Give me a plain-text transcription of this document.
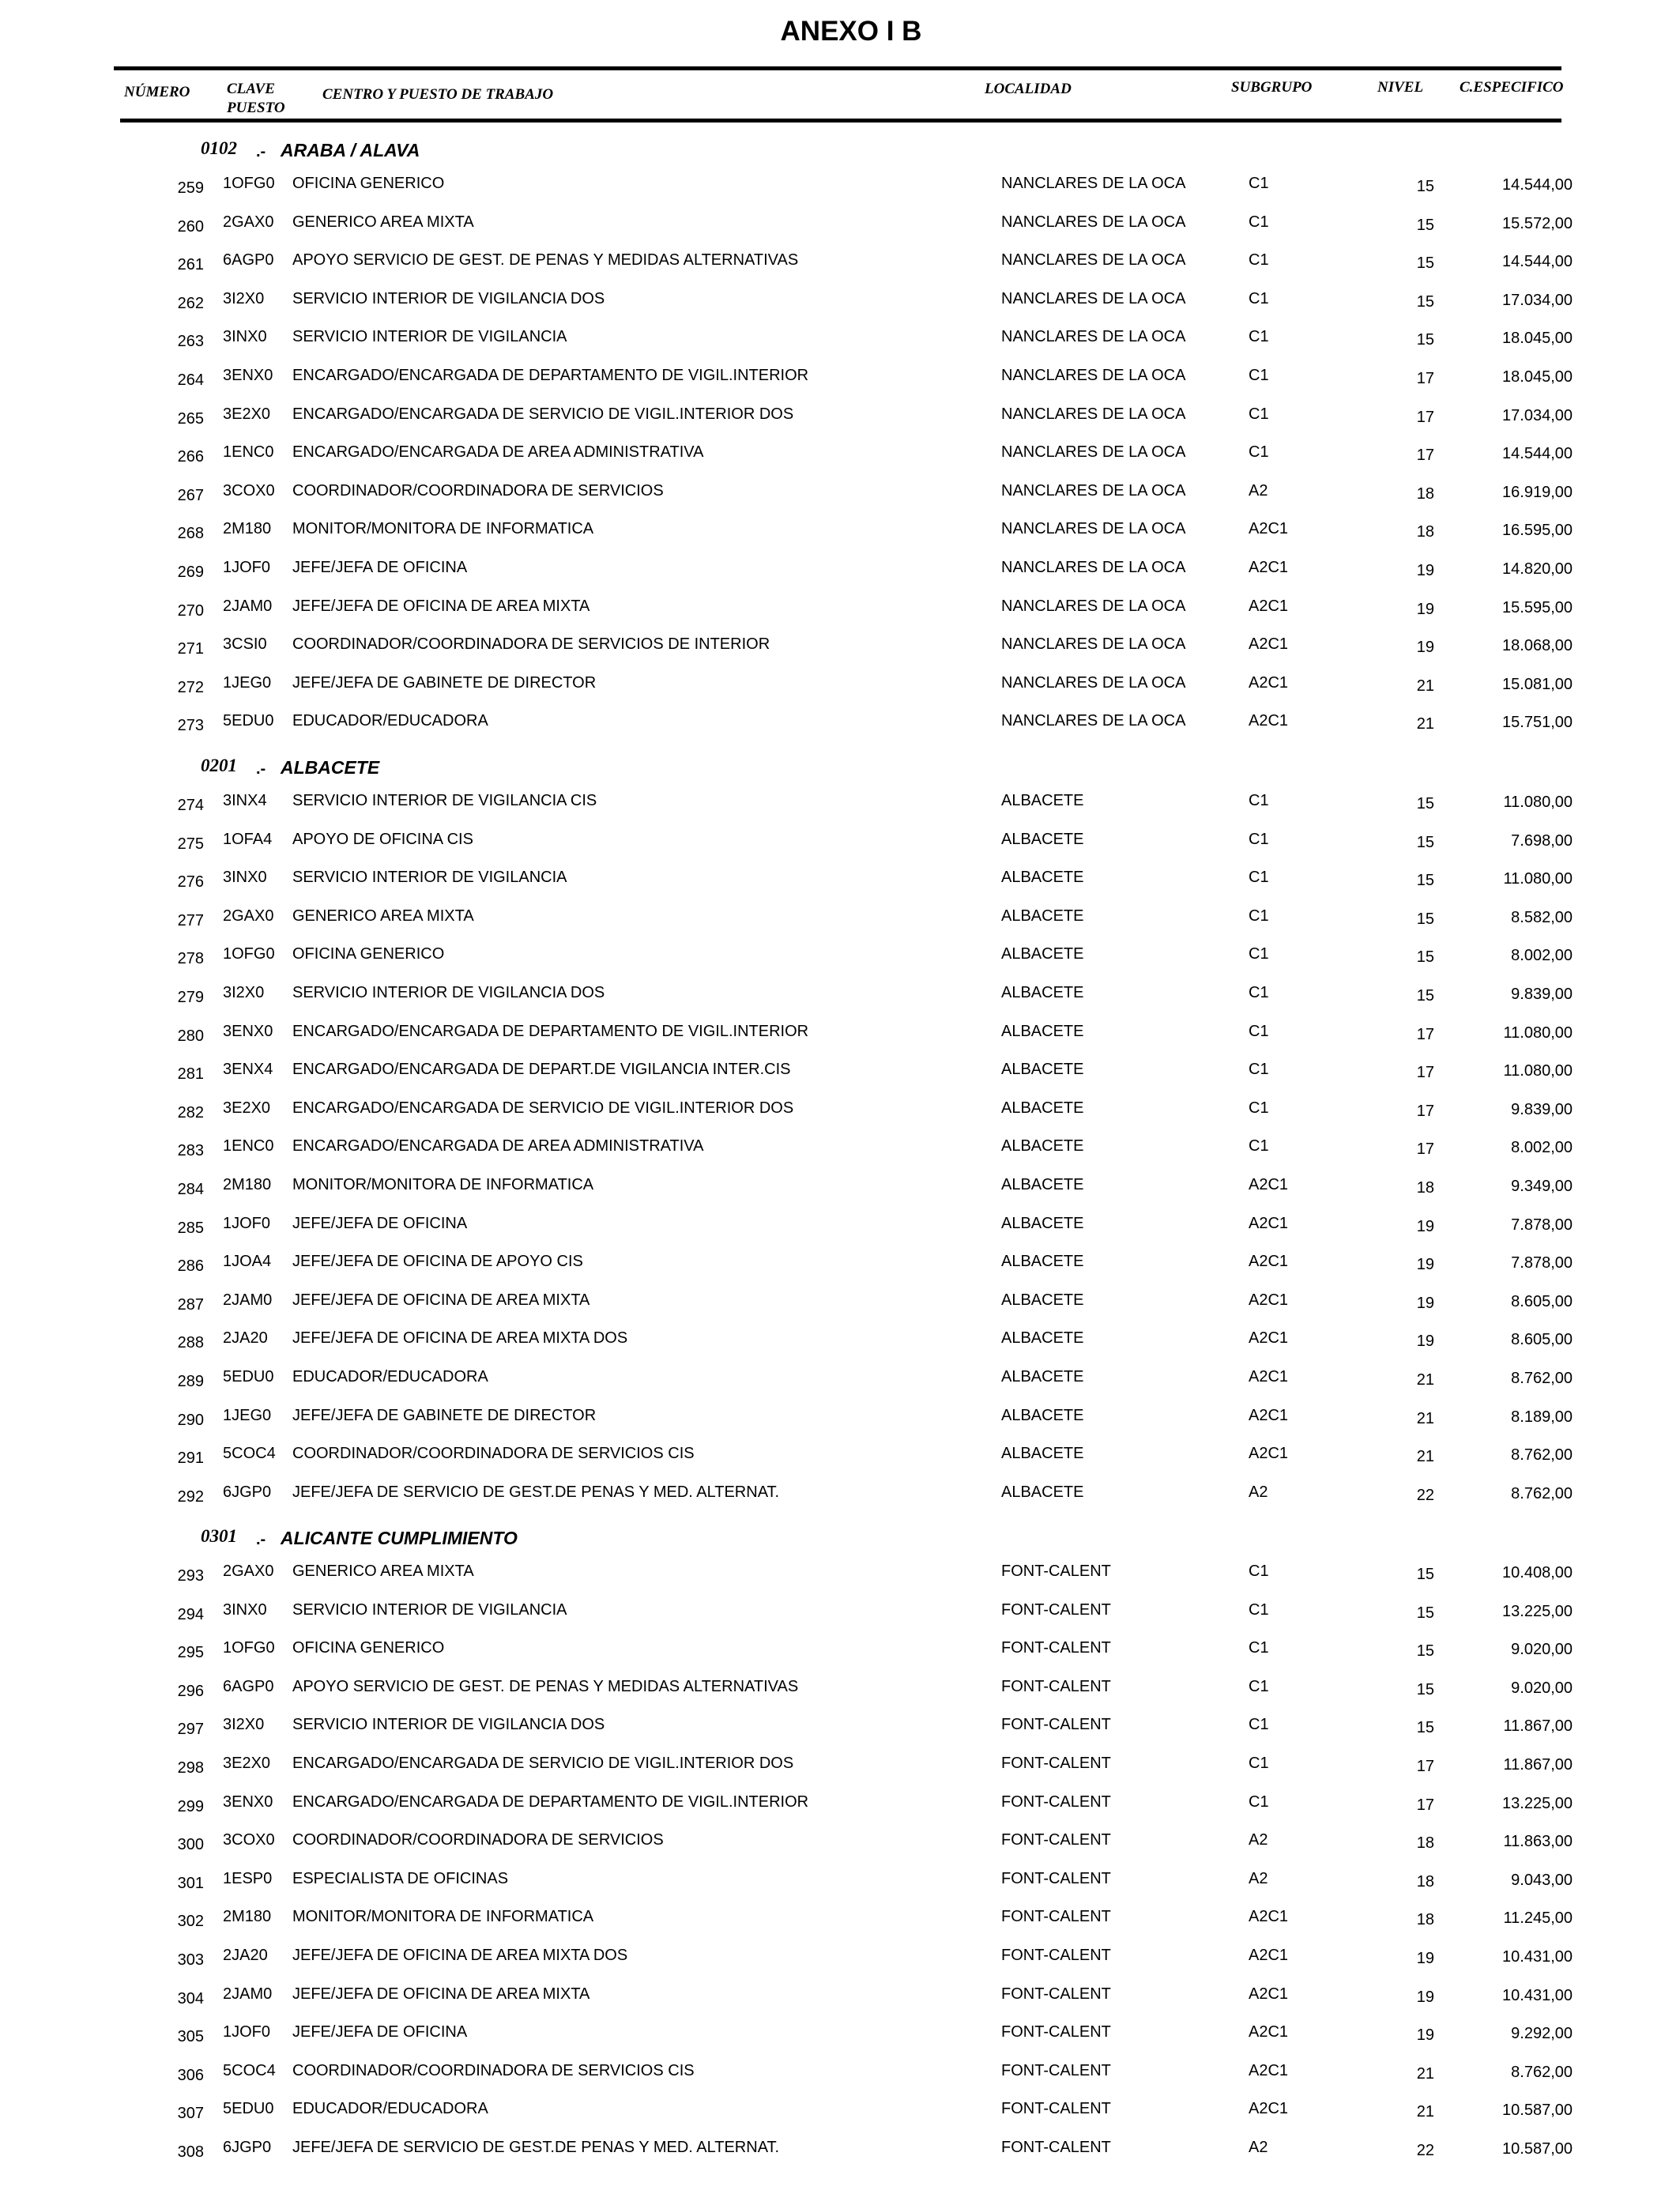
ANEXO I B
NÚMERO CLAVE
PUESTO
CENTRO Y PUESTO DE TRABAJO	LOCALIDAD	SUBGRUPO	NIVEL C.ESPECIFICO
0102 .- ARABA / ALAVA
259 1OFG0 OFICINA GENERICO	NANCLARES DE LA OCA	C1	15	14.544,00
260 2GAX0 GENERICO AREA MIXTA	NANCLARES DE LA OCA	C1	15	15.572,00
261 6AGP0 APOYO SERVICIO DE GEST. DE PENAS Y MEDIDAS ALTERNATIVAS	NANCLARES DE LA OCA	C1	15	14.544,00
262 3I2X0 SERVICIO INTERIOR DE VIGILANCIA DOS	NANCLARES DE LA OCA	C1	15	17.034,00
263 3INX0 SERVICIO INTERIOR DE VIGILANCIA	NANCLARES DE LA OCA	C1	15	18.045,00
264 3ENX0 ENCARGADO/ENCARGADA DE DEPARTAMENTO DE VIGIL.INTERIOR	NANCLARES DE LA OCA	C1	17	18.045,00
265 3E2X0 ENCARGADO/ENCARGADA DE SERVICIO DE VIGIL.INTERIOR DOS	NANCLARES DE LA OCA	C1	17	17.034,00
266 1ENC0 ENCARGADO/ENCARGADA DE AREA ADMINISTRATIVA	NANCLARES DE LA OCA	C1	17	14.544,00
267 3COX0 COORDINADOR/COORDINADORA DE SERVICIOS	NANCLARES DE LA OCA	A2	18	16.919,00
268 2M180 MONITOR/MONITORA DE INFORMATICA	NANCLARES DE LA OCA	A2C1	18	16.595,00
269 1JOF0 JEFE/JEFA DE OFICINA	NANCLARES DE LA OCA	A2C1	19	14.820,00
270 2JAM0 JEFE/JEFA DE OFICINA DE AREA MIXTA	NANCLARES DE LA OCA	A2C1	19	15.595,00
271 3CSI0 COORDINADOR/COORDINADORA DE SERVICIOS DE INTERIOR	NANCLARES DE LA OCA	A2C1	19	18.068,00
272 1JEG0 JEFE/JEFA DE GABINETE DE DIRECTOR	NANCLARES DE LA OCA	A2C1	21	15.081,00
273 5EDU0 EDUCADOR/EDUCADORA	NANCLARES DE LA OCA	A2C1	21	15.751,00
0201 .- ALBACETE
274 3INX4 SERVICIO INTERIOR DE VIGILANCIA CIS	ALBACETE	C1	15	11.080,00
275 1OFA4 APOYO DE OFICINA CIS	ALBACETE	C1	15	7.698,00
276 3INX0 SERVICIO INTERIOR DE VIGILANCIA	ALBACETE	C1	15	11.080,00
277 2GAX0 GENERICO AREA MIXTA	ALBACETE	C1	15	8.582,00
278 1OFG0 OFICINA GENERICO	ALBACETE	C1	15	8.002,00
279 3I2X0 SERVICIO INTERIOR DE VIGILANCIA DOS	ALBACETE	C1	15	9.839,00
280 3ENX0 ENCARGADO/ENCARGADA DE DEPARTAMENTO DE VIGIL.INTERIOR	ALBACETE	C1	17	11.080,00
281 3ENX4 ENCARGADO/ENCARGADA DE DEPART.DE VIGILANCIA INTER.CIS	ALBACETE	C1	17	11.080,00
282 3E2X0 ENCARGADO/ENCARGADA DE SERVICIO DE VIGIL.INTERIOR DOS	ALBACETE	C1	17	9.839,00
283 1ENC0 ENCARGADO/ENCARGADA DE AREA ADMINISTRATIVA	ALBACETE	C1	17	8.002,00
284 2M180 MONITOR/MONITORA DE INFORMATICA	ALBACETE	A2C1	18	9.349,00
285 1JOF0 JEFE/JEFA DE OFICINA	ALBACETE	A2C1	19	7.878,00
286 1JOA4 JEFE/JEFA DE OFICINA DE APOYO CIS	ALBACETE	A2C1	19	7.878,00
287 2JAM0 JEFE/JEFA DE OFICINA DE AREA MIXTA	ALBACETE	A2C1	19	8.605,00
288 2JA20 JEFE/JEFA DE OFICINA DE AREA MIXTA DOS	ALBACETE	A2C1	19	8.605,00
289 5EDU0 EDUCADOR/EDUCADORA	ALBACETE	A2C1	21	8.762,00
290 1JEG0 JEFE/JEFA DE GABINETE DE DIRECTOR	ALBACETE	A2C1	21	8.189,00
291 5COC4 COORDINADOR/COORDINADORA DE SERVICIOS CIS	ALBACETE	A2C1	21	8.762,00
292 6JGP0 JEFE/JEFA DE SERVICIO DE GEST.DE PENAS Y MED. ALTERNAT.	ALBACETE	A2	22	8.762,00
0301 .- ALICANTE CUMPLIMIENTO
293 2GAX0 GENERICO AREA MIXTA	FONT-CALENT	C1	15	10.408,00
294 3INX0 SERVICIO INTERIOR DE VIGILANCIA	FONT-CALENT	C1	15	13.225,00
295 1OFG0 OFICINA GENERICO	FONT-CALENT	C1	15	9.020,00
296 6AGP0 APOYO SERVICIO DE GEST. DE PENAS Y MEDIDAS ALTERNATIVAS	FONT-CALENT	C1	15	9.020,00
297 3I2X0 SERVICIO INTERIOR DE VIGILANCIA DOS	FONT-CALENT	C1	15	11.867,00
298 3E2X0 ENCARGADO/ENCARGADA DE SERVICIO DE VIGIL.INTERIOR DOS	FONT-CALENT	C1	17	11.867,00
299 3ENX0 ENCARGADO/ENCARGADA DE DEPARTAMENTO DE VIGIL.INTERIOR	FONT-CALENT	C1	17	13.225,00
300 3COX0 COORDINADOR/COORDINADORA DE SERVICIOS	FONT-CALENT	A2	18	11.863,00
301 1ESP0 ESPECIALISTA DE OFICINAS	FONT-CALENT	A2	18	9.043,00
302 2M180 MONITOR/MONITORA DE INFORMATICA	FONT-CALENT	A2C1	18	11.245,00
303 2JA20 JEFE/JEFA DE OFICINA DE AREA MIXTA DOS	FONT-CALENT	A2C1	19	10.431,00
304 2JAM0 JEFE/JEFA DE OFICINA DE AREA MIXTA	FONT-CALENT	A2C1	19	10.431,00
305 1JOF0 JEFE/JEFA DE OFICINA	FONT-CALENT	A2C1	19	9.292,00
306 5COC4 COORDINADOR/COORDINADORA DE SERVICIOS CIS	FONT-CALENT	A2C1	21	8.762,00
307 5EDU0 EDUCADOR/EDUCADORA	FONT-CALENT	A2C1	21	10.587,00
308 6JGP0 JEFE/JEFA DE SERVICIO DE GEST.DE PENAS Y MED. ALTERNAT.	FONT-CALENT	A2	22	10.587,00
